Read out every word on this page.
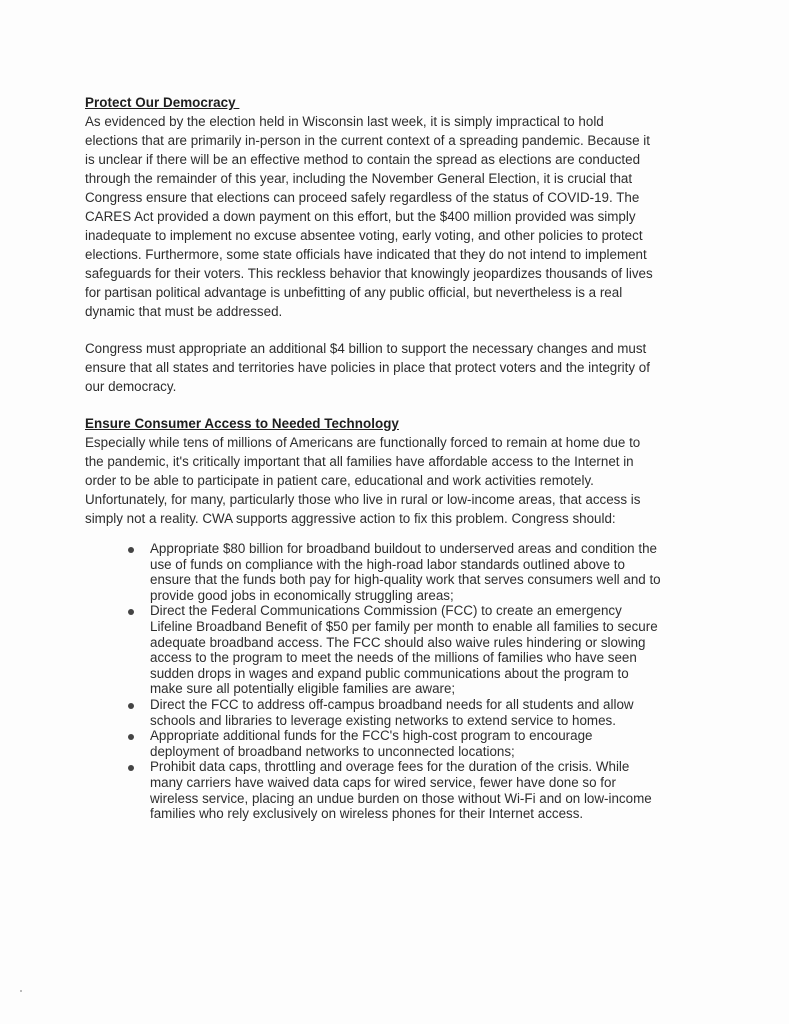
Protect Our Democracy
As evidenced by the election held in Wisconsin last week, it is simply impractical to hold
elections that are primarily in-person in the current context of a spreading pandemic. Because it
is unclear if there will be an effective method to contain the spread as elections are conducted
through the remainder of this year, including the November General Election, it is crucial that
Congress ensure that elections can proceed safely regardless of the status of COVID-19. The
CARES Act provided a down payment on this effort, but the $400 million provided was simply
inadequate to implement no excuse absentee voting, early voting, and other policies to protect
elections. Furthermore, some state officials have indicated that they do not intend to implement
safeguards for their voters. This reckless behavior that knowingly jeopardizes thousands of lives
for partisan political advantage is unbefitting of any public official, but nevertheless is a real
dynamic that must be addressed.
Congress must appropriate an additional $4 billion to support the necessary changes and must
ensure that all states and territories have policies in place that protect voters and the integrity of
our democracy.
Ensure Consumer Access to Needed Technology
Especially while tens of millions of Americans are functionally forced to remain at home due to
the pandemic, it's critically important that all families have affordable access to the Internet in
order to be able to participate in patient care, educational and work activities remotely.
Unfortunately, for many, particularly those who live in rural or low-income areas, that access is
simply not a reality. CWA supports aggressive action to fix this problem. Congress should:
Appropriate $80 billion for broadband buildout to underserved areas and condition the
use of funds on compliance with the high-road labor standards outlined above to
ensure that the funds both pay for high-quality work that serves consumers well and to
provide good jobs in economically struggling areas;
Direct the Federal Communications Commission (FCC) to create an emergency
Lifeline Broadband Benefit of $50 per family per month to enable all families to secure
adequate broadband access. The FCC should also waive rules hindering or slowing
access to the program to meet the needs of the millions of families who have seen
sudden drops in wages and expand public communications about the program to
make sure all potentially eligible families are aware;
Direct the FCC to address off-campus broadband needs for all students and allow
schools and libraries to leverage existing networks to extend service to homes.
Appropriate additional funds for the FCC's high-cost program to encourage
deployment of broadband networks to unconnected locations;
Prohibit data caps, throttling and overage fees for the duration of the crisis. While
many carriers have waived data caps for wired service, fewer have done so for
wireless service, placing an undue burden on those without Wi-Fi and on low-income
families who rely exclusively on wireless phones for their Internet access.
